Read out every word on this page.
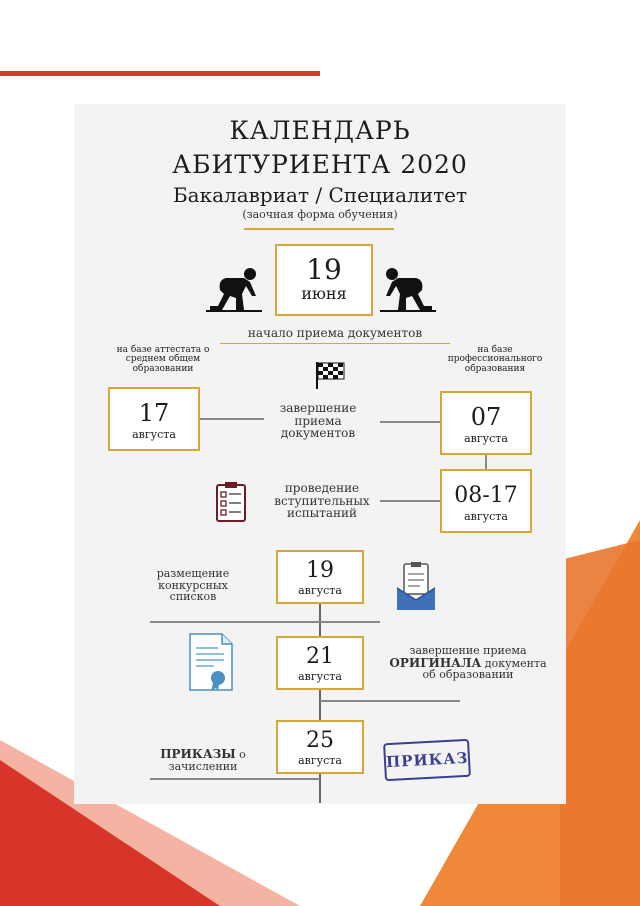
КАЛЕНДАРЬ
АБИТУРИЕНТА 2020
Бакалавриат / Специалитет
(заочная форма обучения)
19
июня
начало приема документов
на базе аттестата о среднем общем образовании
на базе профессионального образования
17
августа
завершение приема документов
07
августа
проведение вступительных испытаний
08-17
августа
размещение конкурсных списков
19
августа
21
августа
завершение приема
ОРИГИНАЛА документа
об образовании
25
августа
ПРИКАЗЫ о
зачислении	ПРИКАЗ
